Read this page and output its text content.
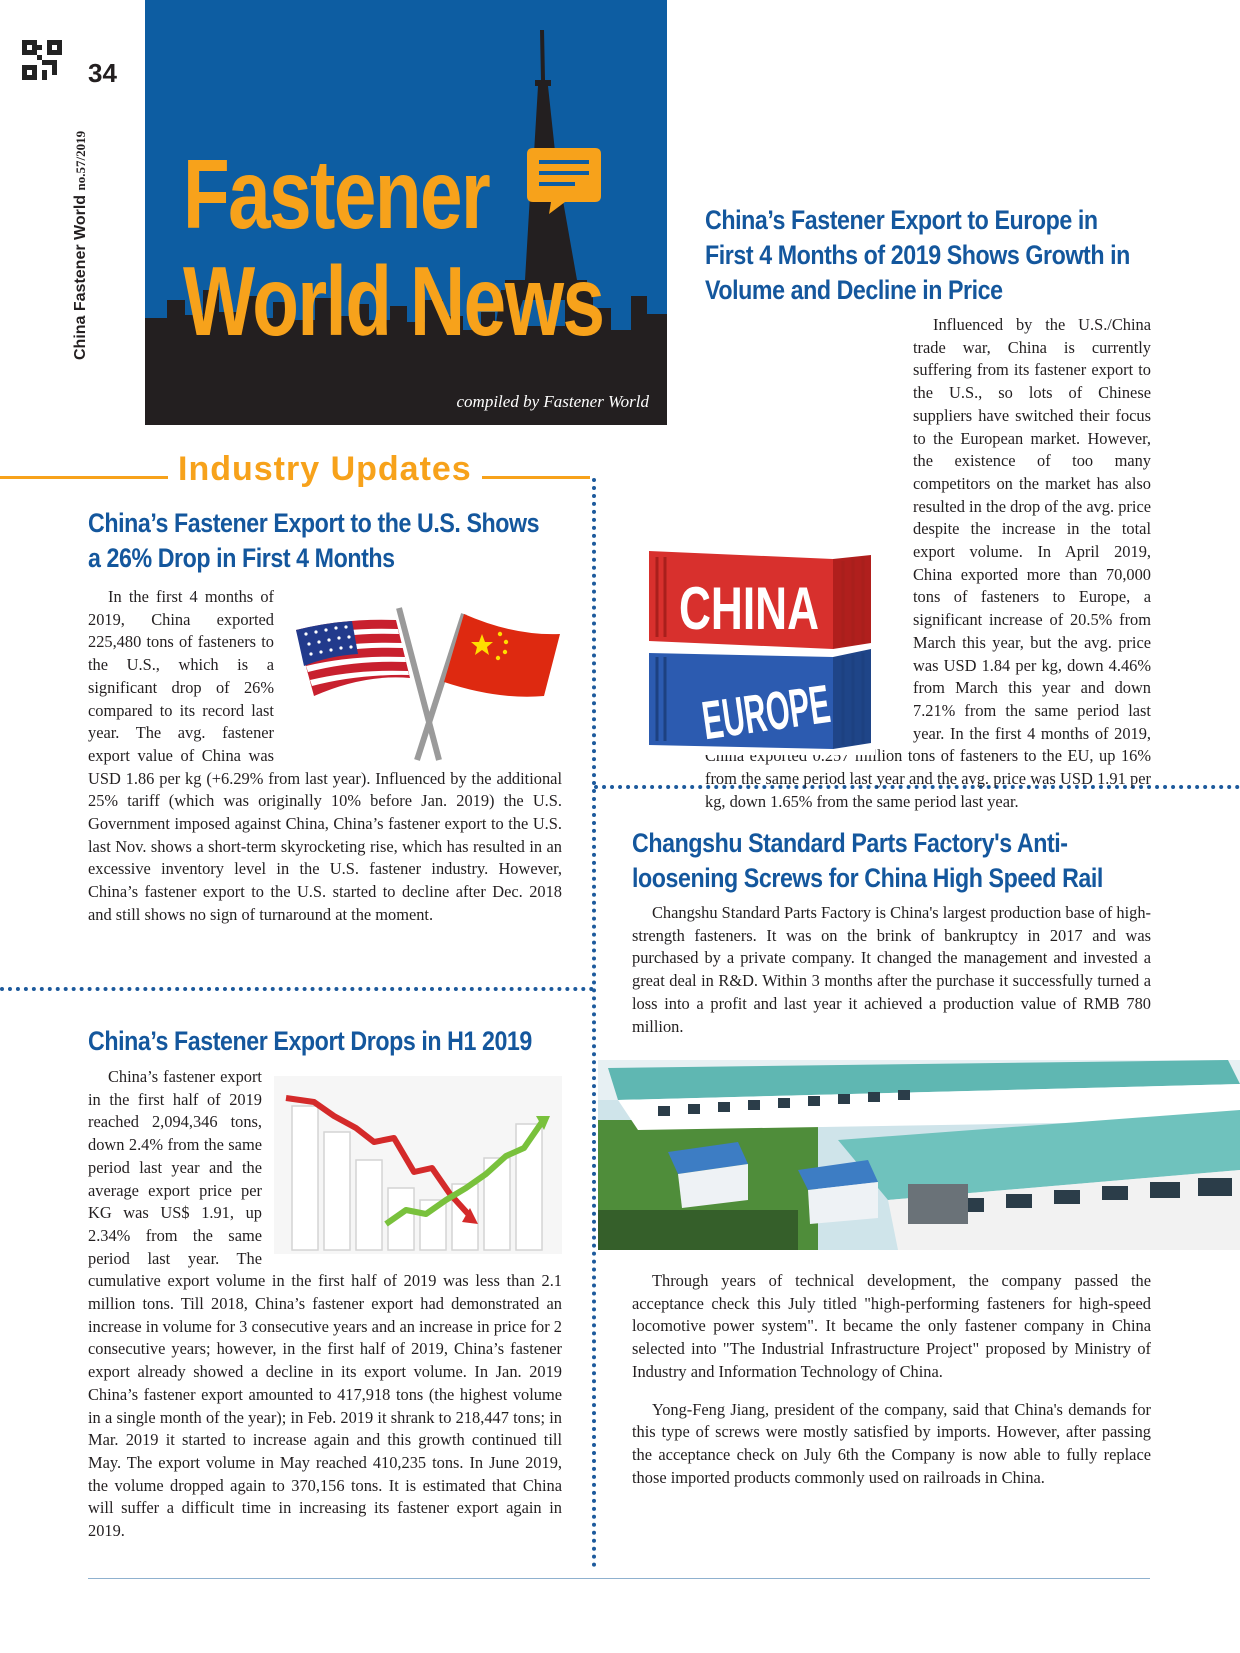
34
China Fastener World no.57/2019 Fastener
World News
compiled by Fastener World
Industry Updates
China’s Fastener Export to the U.S. Shows a 26% Drop in First 4 Months

In the first 4 months of 2019, China exported 225,480 tons of fasteners to the U.S., which is a significant drop of 26% compared to its record last year. The avg. fastener export value of China was USD 1.86 per kg (+6.29% from last year). Influenced by the additional 25% tariff (which was originally 10% before Jan. 2019) the U.S. Government imposed against China, China’s fastener export to the U.S. last Nov. shows a short-term skyrocketing rise, which has resulted in an excessive inventory level in the U.S. fastener industry. However, China’s fastener export to the U.S. started to decline after Dec. 2018 and still shows no sign of turnaround at the moment.

China’s Fastener Export Drops in H1 2019

China’s fastener export in the first half of 2019 reached 2,094,346 tons, down 2.4% from the same period last year and the average export price per KG was US$ 1.91, up 2.34% from the same period last year. The cumulative export volume in the first half of 2019 was less than 2.1 million tons. Till 2018, China’s fastener export had demonstrated an increase in volume for 3 consecutive years and an increase in price for 2 consecutive years; however, in the first half of 2019, China’s fastener export already showed a decline in its export volume. In Jan. 2019 China’s fastener export amounted to 417,918 tons (the highest volume in a single month of the year); in Feb. 2019 it shrank to 218,447 tons; in Mar. 2019 it started to increase again and this growth continued till May. The export volume in May reached 410,235 tons. In June 2019, the volume dropped again to 370,156 tons. It is estimated that China will suffer a difficult time in increasing its fastener export again in 2019.

China’s Fastener Export to Europe in First 4 Months of 2019 Shows Growth in Volume and Decline in Price

Influenced by the U.S./China trade war, China is currently suffering from its fastener export to the U.S., so lots of Chinese suppliers have switched their focus to the European market. However, the existence of too many competitors on the market has also resulted in the drop of the avg. price despite the increase in the total export volume. In April 2019, China exported more than 70,000 tons of fasteners to Europe, a significant increase of 20.5% from March this year, but the avg. price was USD 1.84 per kg, down 4.46% from March this year and down 7.21% from the same period last year. In the first 4 months of 2019, China exported 0.257 million tons of fasteners to the EU, up 16% from the same period last year and the avg. price was USD 1.91 per kg, down 1.65% from the same period last year.

CHINA
EUROPE
Changshu Standard Parts Factory's Anti-loosening Screws for China High Speed Rail

Changshu Standard Parts Factory is China's largest production base of high-strength fasteners. It was on the brink of bankruptcy in 2017 and was purchased by a private company. It changed the management and invested a great deal in R&D. Within 3 months after the purchase it successfully turned a loss into a profit and last year it achieved a production value of RMB 780 million.

Through years of technical development, the company passed the acceptance check this July titled "high-performing fasteners for high-speed locomotive power system". It became the only fastener company in China selected into "The Industrial Infrastructure Project" proposed by Ministry of Industry and Information Technology of China.

Yong-Feng Jiang, president of the company, said that China's demands for this type of screws were mostly satisfied by imports. However, after passing the acceptance check on July 6th the Company is now able to fully replace those imported products commonly used on railroads in China.
